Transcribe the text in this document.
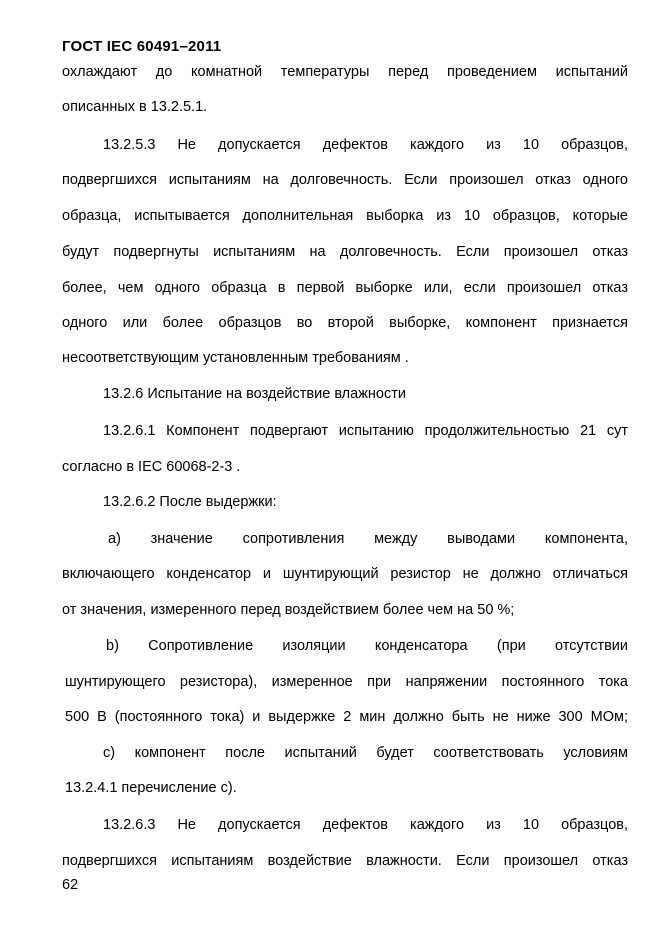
ГОСТ IEC 60491–2011
охлаждают до комнатной температуры перед проведением испытаний
описанных в 13.2.5.1.
13.2.5.3 Не допускается дефектов каждого из 10 образцов,
подвергшихся испытаниям на долговечность. Если произошел отказ одного
образца, испытывается дополнительная выборка из 10 образцов, которые
будут подвергнуты испытаниям на долговечность. Если произошел отказ
более, чем одного образца в первой выборке или, если произошел отказ
одного или более образцов во второй выборке, компонент признается
несоответствующим установленным требованиям .
13.2.6 Испытание на воздействие влажности
13.2.6.1 Компонент подвергают испытанию продолжительностью 21 сут
согласно в IEC 60068-2-3 .
13.2.6.2 После выдержки:
a) значение сопротивления между выводами компонента,
включающего конденсатор и шунтирующий резистор не должно отличаться
от значения, измеренного перед воздействием более чем на 50 %;
b) Сопротивление изоляции конденсатора (при отсутствии
шунтирующего резистора), измеренное при напряжении постоянного тока
500 В (постоянного тока) и выдержке 2 мин должно быть не ниже 300 МОм;
c) компонент после испытаний будет соответствовать условиям
13.2.4.1 перечисление c).
13.2.6.3 Не допускается дефектов каждого из 10 образцов,
подвергшихся испытаниям воздействие влажности. Если произошел отказ
62
